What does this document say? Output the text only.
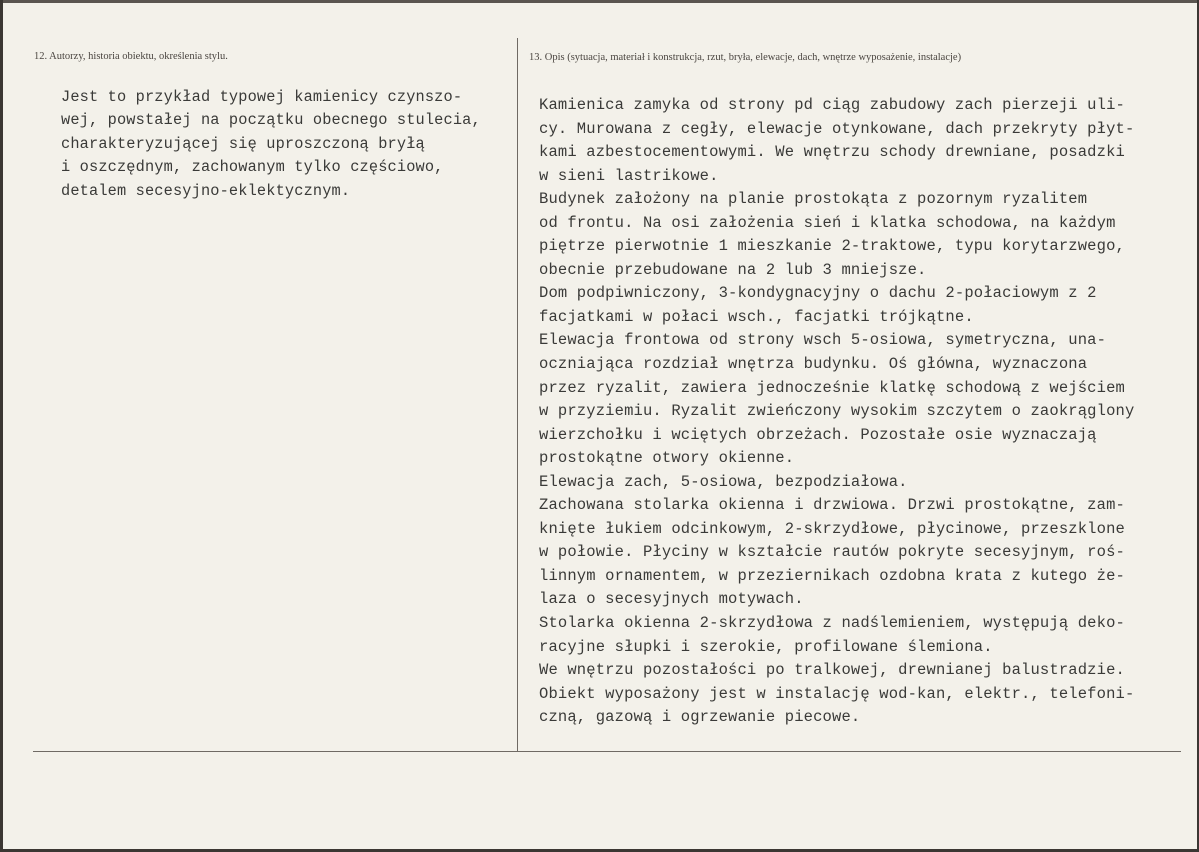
12. Autorzy, historia obiektu, określenia stylu.	13. Opis (sytuacja, materiał i konstrukcja, rzut, bryła, elewacje, dach, wnętrze wyposażenie, instalacje)
Jest to przykład typowej kamienicy czynszo-
wej, powstałej na początku obecnego stulecia,
charakteryzującej się uproszczoną bryłą
i oszczędnym, zachowanym tylko częściowo,
detalem secesyjno-eklektycznym.
Kamienica zamyka od strony pd ciąg zabudowy zach pierzeji uli-
cy. Murowana z cegły, elewacje otynkowane, dach przekryty płyt-
kami azbestocementowymi. We wnętrzu schody drewniane, posadzki
w sieni lastrikowe.
Budynek założony na planie prostokąta z pozornym ryzalitem
od frontu. Na osi założenia sień i klatka schodowa, na każdym
piętrze pierwotnie 1 mieszkanie 2-traktowe, typu korytarzwego,
obecnie przebudowane na 2 lub 3 mniejsze.
Dom podpiwniczony, 3-kondygnacyjny o dachu 2-połaciowym z 2
facjatkami w połaci wsch., facjatki trójkątne.
Elewacja frontowa od strony wsch 5-osiowa, symetryczna, una-
oczniająca rozdział wnętrza budynku. Oś główna, wyznaczona
przez ryzalit, zawiera jednocześnie klatkę schodową z wejściem
w przyziemiu. Ryzalit zwieńczony wysokim szczytem o zaokrąglony
wierzchołku i wciętych obrzeżach. Pozostałe osie wyznaczają
prostokątne otwory okienne.
Elewacja zach, 5-osiowa, bezpodziałowa.
Zachowana stolarka okienna i drzwiowa. Drzwi prostokątne, zam-
knięte łukiem odcinkowym, 2-skrzydłowe, płycinowe, przeszklone
w połowie. Płyciny w kształcie rautów pokryte secesyjnym, roś-
linnym ornamentem, w przeziernikach ozdobna krata z kutego że-
laza o secesyjnych motywach.
Stolarka okienna 2-skrzydłowa z nadślemieniem, występują deko-
racyjne słupki i szerokie, profilowane ślemiona.
We wnętrzu pozostałości po tralkowej, drewnianej balustradzie.
Obiekt wyposażony jest w instalację wod-kan, elektr., telefoni-
czną, gazową i ogrzewanie piecowe.
